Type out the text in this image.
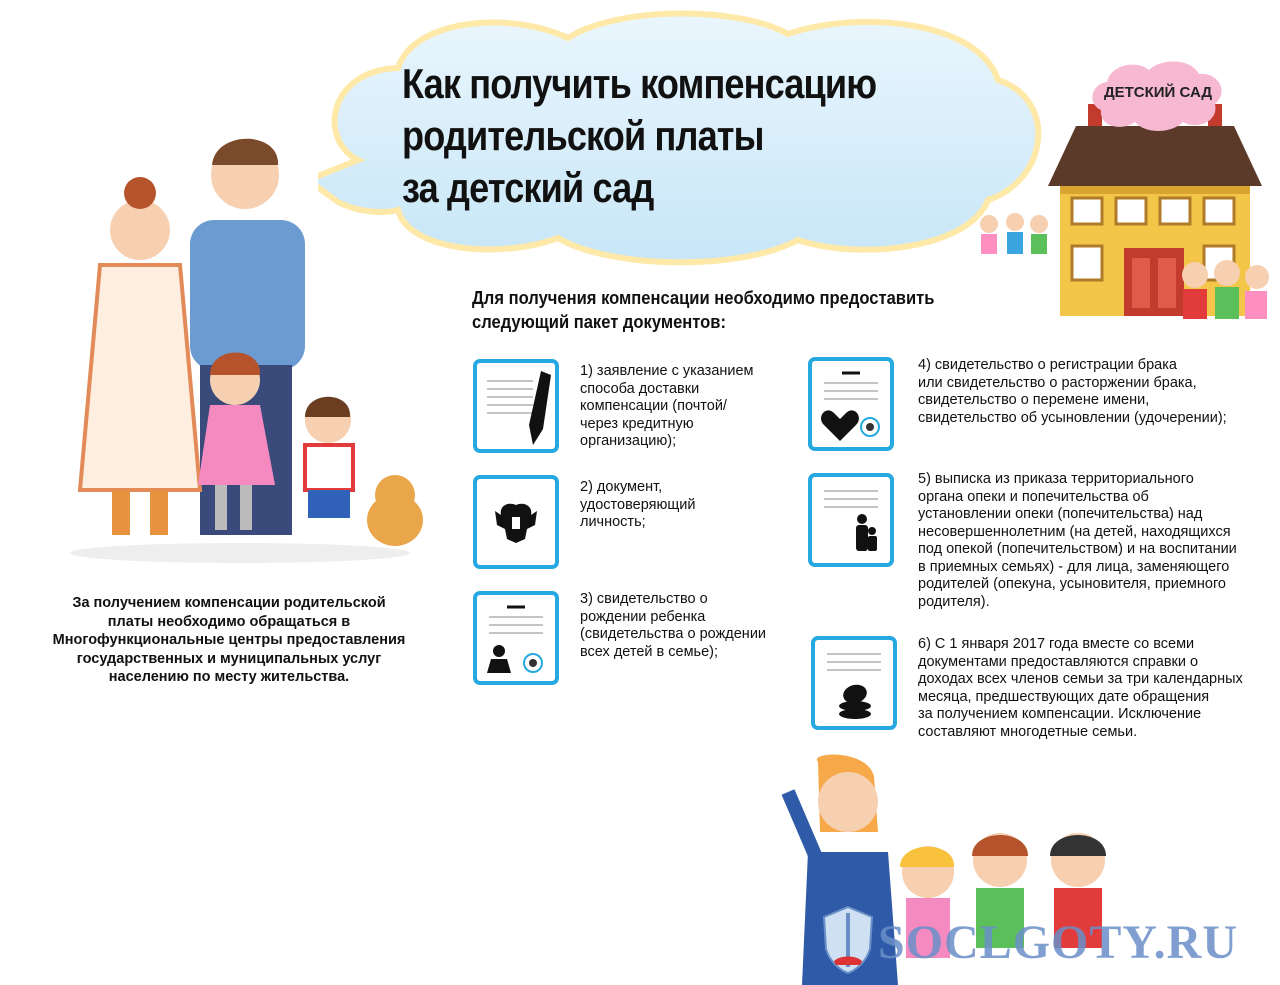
Как получить компенсацию
родительской платы
за детский сад
ДЕТСКИЙ САД
Для получения компенсации необходимо предоставить
следующий пакет документов:
1) заявление с указанием
способа доставки
компенсации (почтой/
через кредитную
организацию);
2) документ,
удостоверяющий
личность;
3) свидетельство о
рождении ребенка
(свидетельства о рождении
всех детей в семье);
4) свидетельство о регистрации брака
или свидетельство о расторжении брака,
свидетельство о перемене имени,
свидетельство об усыновлении (удочерении);
5) выписка из приказа территориального
органа опеки и попечительства об
установлении опеки (попечительства) над
несовершеннолетним (на детей, находящихся
под опекой (попечительством) и на воспитании
в приемных семьях) - для лица, заменяющего
родителей (опекуна, усыновителя, приемного
родителя).
6) С 1 января 2017 года вместе со всеми
документами предоставляются справки о
доходах всех членов семьи за три календарных
месяца, предшествующих дате обращения
за получением компенсации. Исключение
составляют многодетные семьи.
За получением компенсации родительской
платы необходимо обращаться в
Многофункциональные центры предоставления
государственных и муниципальных услуг
населению по месту жительства.
SOCLGOTY.RU
